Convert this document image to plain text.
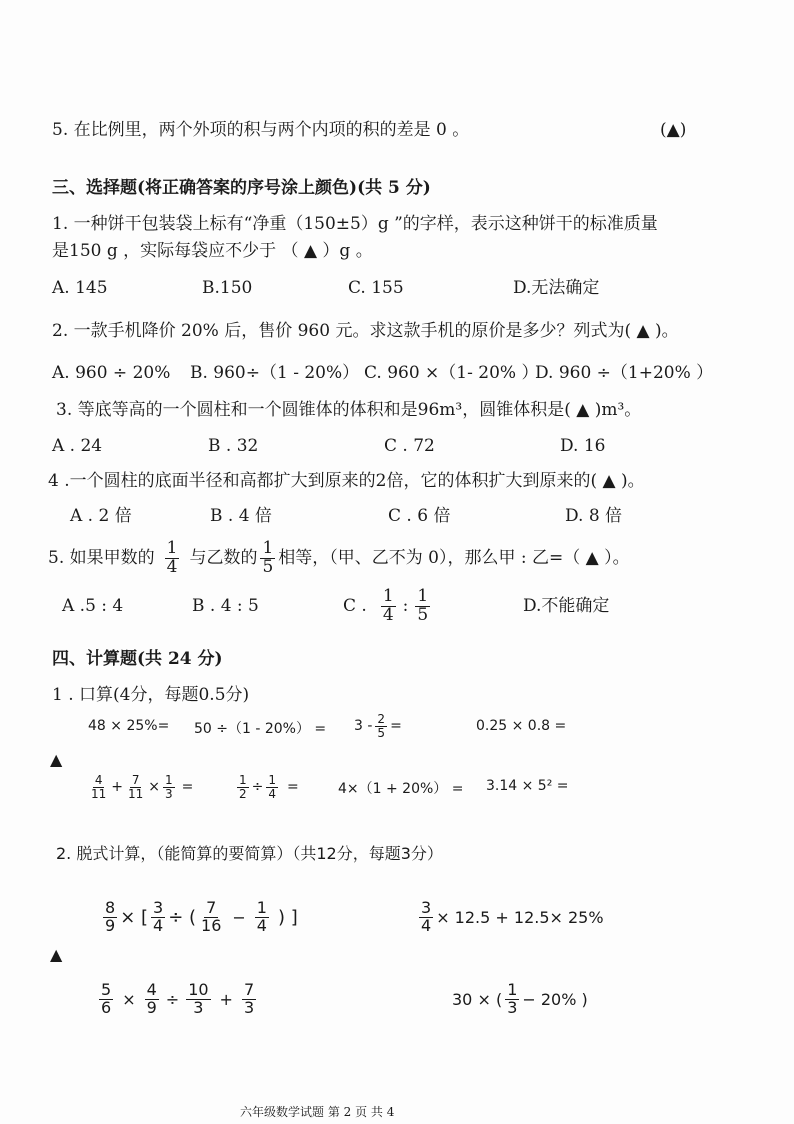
5. 在比例里，两个外项的积与两个内项的积的差是 0 。	(▲)
三、选择题(将正确答案的序号涂上颜色)(共 5 分)
1. 一种饼干包装袋上标有“净重（150±5）g ”的字样，表示这种饼干的标准质量
是150 g ，实际每袋应不少于 （ ▲ ）g 。
A. 145	B.150	C. 155	D.无法确定
2. 一款手机降价 20% 后，售价 960 元。求这款手机的原价是多少？列式为( ▲ )。
A. 960 ÷ 20% B. 960÷（1 - 20%） C. 960 ×（1- 20% ）
D. 960 ÷（1+20% ）
3. 等底等高的一个圆柱和一个圆锥体的体积和是96m³，圆锥体积是( ▲ )m³。
A . 24	B . 32	C . 72	D. 16
4 .一个圆柱的底面半径和高都扩大到原来的2倍，它的体积扩大到原来的( ▲ )。
A . 2 倍	B . 4 倍	C . 6 倍	D. 8 倍
5. 如果甲数的 $\frac{1}{4}$ 与乙数的 $\frac{1}{5}$ 相等，（甲、乙不为 0），那么甲 : 乙=（ ▲ ）。
A .5 : 4	B . 4 : 5	C . $\frac{1}{4}$ : $\frac{1}{5}$	D.不能确定
四、计算题(共 24 分)
1 . 口算(4分，每题0.5分)
$48 \times 25\%= 50 \div(1 - 20\%) = 3 - \frac{2}{5}$ =	0.25 × 0.8 =
▲
$\frac{4}{11} + \frac{7}{11} \times \frac{1}{3}$ =	$\frac{1}{2} \div \frac{1}{4}$ =	4×（1 + 20%） = 3.14 × 5² =
2. 脱式计算，（能简算的要简算）（共12分，每题3分）
$\frac{8}{9}$ × [ $\frac{3}{4}$ ÷ ( $\frac{7}{16} - \frac{1}{4}$ ) ]	$\frac{3}{4} \times 12.5 + 12.5\times 25\%$
▲
$\frac{5}{6} \times \frac{4}{9} \div \frac{10}{3} + \frac{7}{3}$	30 × ( $\frac{1}{3} - 20\%$ )
六年级数学试题 第 2 页 共 4
